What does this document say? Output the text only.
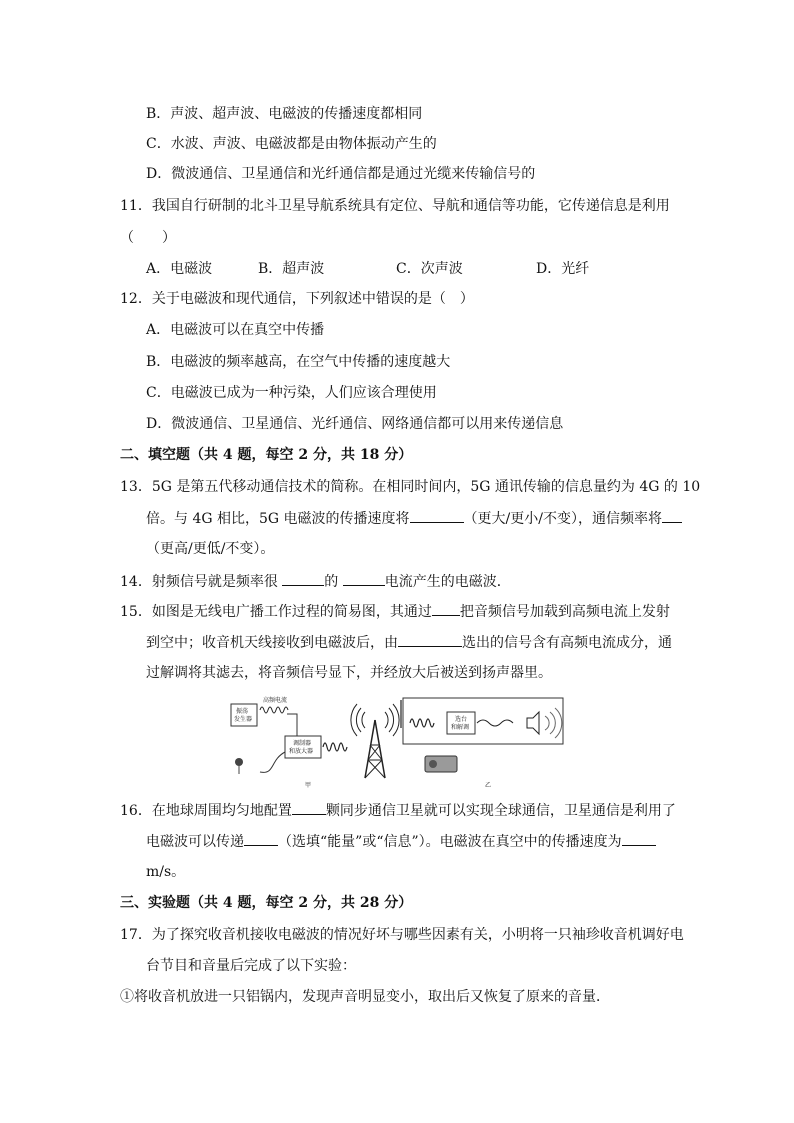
B．声波、超声波、电磁波的传播速度都相同
C．水波、声波、电磁波都是由物体振动产生的
D．微波通信、卫星通信和光纤通信都是通过光缆来传输信号的
11．我国自行研制的北斗卫星导航系统具有定位、导航和通信等功能，它传递信息是利用
（　　）
A．电磁波	B．超声波	C．次声波	D．光纤
12．关于电磁波和现代通信，下列叙述中错误的是（　）
A．电磁波可以在真空中传播
B．电磁波的频率越高，在空气中传播的速度越大
C．电磁波已成为一种污染，人们应该合理使用
D．微波通信、卫星通信、光纤通信、网络通信都可以用来传递信息
二、填空题（共 4 题，每空 2 分，共 18 分）
13．5G 是第五代移动通信技术的简称。在相同时间内，5G 通讯传输的信息量约为 4G 的 10
倍。与 4G 相比，5G 电磁波的传播速度将	（更大/更小/不变），通信频率将
（更高/更低/不变）。
14．射频信号就是频率很	的	电流产生的电磁波．
15．如图是无线电广播工作过程的简易图，其通过 把音频信号加载到高频电流上发射
到空中；收音机天线接收到电磁波后，由	选出的信号含有高频电流成分，通
过解调将其滤去，将音频信号显下，并经放大后被送到扬声器里。
高频电流
振荡
发生器
调制器
和放大器
甲
选台
和解调
乙
16．在地球周围均匀地配置 颗同步通信卫星就可以实现全球通信，卫星通信是利用了
电磁波可以传递 （选填“能量”或“信息”）。电磁波在真空中的传播速度为
m/s。
三、实验题（共 4 题，每空 2 分，共 28 分）
17．为了探究收音机接收电磁波的情况好坏与哪些因素有关，小明将一只袖珍收音机调好电
台节目和音量后完成了以下实验：
①将收音机放进一只铝锅内，发现声音明显变小，取出后又恢复了原来的音量．
